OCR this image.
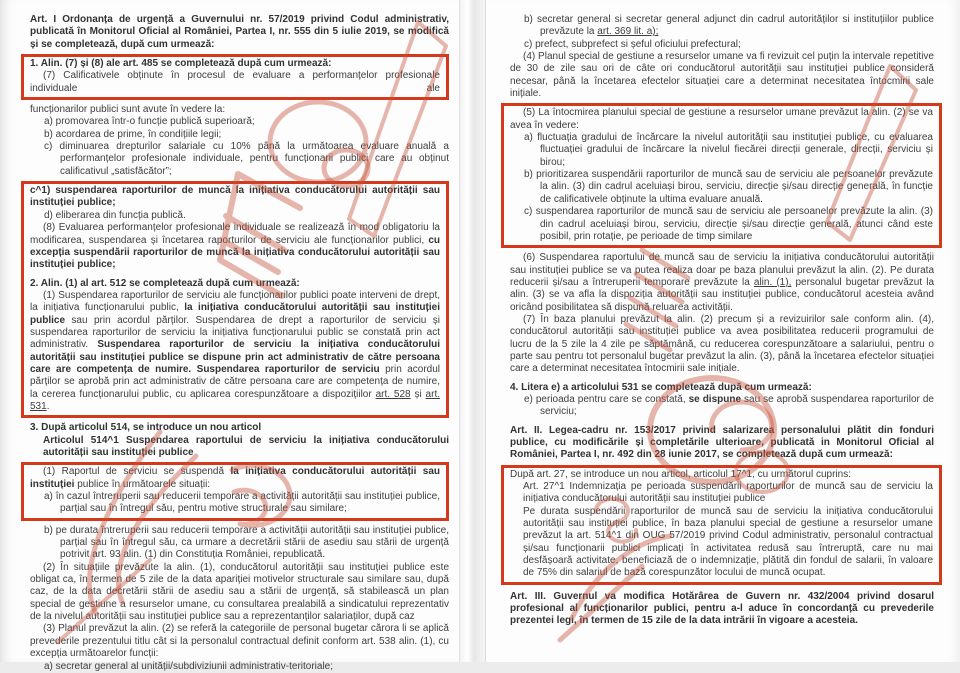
Art. I Ordonanța de urgență a Guvernului nr. 57/2019 privind Codul administrativ, publicată în Monitorul Oficial al României, Partea I, nr. 555 din 5 iulie 2019, se modifică și se completează, după cum urmează:

1. Alin. (7) și (8) ale art. 485 se completează după cum urmează:

(7) Calificativele obținute în procesul de evaluare a performanțelor profesionale individuale ale

funcționarilor publici sunt avute în vedere la:

a) promovarea într-o funcție publică superioară;

b) acordarea de prime, în condițiile legii;

c) diminuarea drepturilor salariale cu 10% până la următoarea evaluare anuală a performanțelor profesionale individuale, pentru funcționarii publici care au obținut calificativul „satisfăcător”;

c^1) suspendarea raporturilor de muncă la inițiativa conducătorului autorității sau instituției publice;

d) eliberarea din funcția publică.

(8) Evaluarea performanțelor profesionale individuale se realizează în mod obligatoriu la modificarea, suspendarea și încetarea raporturilor de serviciu ale funcționarilor publici, cu excepția suspendării raporturilor de muncă la inițiativa conducătorului autorității sau instituției publice;

2. Alin. (1) al art. 512 se completează după cum urmează:

(1) Suspendarea raporturilor de serviciu ale funcționarilor publici poate interveni de drept, la inițiativa funcționarului public, la inițiativa conducătorului autorității sau instituției publice sau prin acordul părților. Suspendarea de drept a raporturilor de serviciu și suspendarea raporturilor de serviciu la inițiativa funcționarului public se constată prin act administrativ. Suspendarea raporturilor de serviciu la inițiativa conducătorului autorității sau instituției publice se dispune prin act administrativ de către persoana care are competența de numire. Suspendarea raporturilor de serviciu prin acordul părților se aprobă prin act administrativ de către persoana care are competența de numire, la cererea funcționarului public, cu aplicarea corespunzătoare a dispozițiilor art. 528 și art. 531.

3. După articolul 514, se introduce un nou articol

Articolul 514^1 Suspendarea raportului de serviciu la inițiativa conducătorului autorității sau instituției publice

(1) Raportul de serviciu se suspendă la inițiativa conducătorului autorității sau instituției publice în următoarele situații:

a) în cazul întreruperii sau reducerii temporare a activității autorității sau instituției publice, parțial sau în întregul său, pentru motive structurale sau similare;

b) pe durata întreruperii sau reducerii temporare a activității autorității sau instituției publice, parțial sau în întregul său, ca urmare a decretării stării de asediu sau stării de urgență potrivit art. 93 alin. (1) din Constituția României, republicată.

(2) În situațiile prevăzute la alin. (1), conducătorul autorității sau instituției publice este obligat ca, în termen de 5 zile de la data apariției motivelor structurale sau similare sau, după caz, de la data decretării stării de asediu sau a stării de urgență, să stabilească un plan special de gestiune a resurselor umane, cu consultarea prealabilă a sindicatului reprezentativ de la nivelul autorității sau instituției publice sau a reprezentanților salariaților, după caz

(3) Planul prevăzut la alin. (2) se referă la categoriile de personal bugetar cărora li se aplică prevederile prezentului titlu cât si la personalul contractual definit conform art. 538 alin. (1), cu excepția următoarelor funcții:

a) secretar general al unității/subdiviziunii administrativ-teritoriale;

b) secretar general si secretar general adjunct din cadrul autorităților si instituțiilor publice prevăzute la art. 369 lit. a);

c) prefect, subprefect si șeful oficiului prefectural;

(4) Planul special de gestiune a resurselor umane va fi revizuit cel puțin la intervale repetitive de 30 de zile sau ori de câte ori conducătorul autorității sau instituției publice consideră necesar, până la încetarea efectelor situației care a determinat necesitatea întocmirii sale inițiale.

(5) La întocmirea planului special de gestiune a resurselor umane prevăzut la alin. (2) se va avea în vedere:

a) fluctuația gradului de încărcare la nivelul autorității sau instituției publice, cu evaluarea fluctuației gradului de încărcare la nivelul fiecărei direcții generale, direcții, serviciu și birou;

b) prioritizarea suspendării raporturilor de muncă sau de serviciu ale persoanelor prevăzute la alin. (3) din cadrul aceluiași birou, serviciu, direcție și/sau direcție generală, în funcție de calificativele obținute la ultima evaluare anuală.

c) suspendarea raporturilor de muncă sau de serviciu ale persoanelor prevăzute la alin. (3) din cadrul aceluiași birou, serviciu, direcție și/sau direcție generală, atunci când este posibil, prin rotație, pe perioade de timp similare

(6) Suspendarea raportului de muncă sau de serviciu la inițiativa conducătorului autorității sau instituției publice se va putea realiza doar pe baza planului prevăzut la alin. (2). Pe durata reducerii și/sau a întreruperii temporare prevăzute la alin. (1), personalul bugetar prevăzut la alin. (3) se va afla la dispoziția autorității sau instituției publice, conducătorul acesteia având oricând posibilitatea să dispună reluarea activității.

(7) În baza planului prevăzut la alin. (2) precum și a revizuirilor sale conform alin. (4), conducătorul autorității sau instituției publice va avea posibilitatea reducerii programului de lucru de la 5 zile la 4 zile pe săptămână, cu reducerea corespunzătoare a salariului, pentru o parte sau pentru tot personalul bugetar prevăzut la alin. (3), până la încetarea efectelor situației care a determinat necesitatea întocmirii sale inițiale.

4. Litera e) a articolului 531 se completează după cum urmează:

e) perioada pentru care se constată, se dispune sau se aprobă suspendarea raporturilor de serviciu;

Art. II. Legea-cadru nr. 153/2017 privind salarizarea personalului plătit din fonduri publice, cu modificările și completările ulterioare, publicată in Monitorul Oficial al României, Partea I, nr. 492 din 28 iunie 2017, se completează după cum urmează:

După art. 27, se introduce un nou articol, articolul 17^1, cu următorul cuprins:

Art. 27^1 Indemnizația pe perioada suspendării raporturilor de muncă sau de serviciu la inițiativa conducătorului autorității sau instituției publice

Pe durata suspendării raporturilor de muncă sau de serviciu la inițiativa conducătorului autorității sau instituției publice, în baza planului special de gestiune a resurselor umane prevăzut la art. 514^1 din OUG 57/2019 privind Codul administrativ, personalul contractual și/sau funcționarii publici implicați în activitatea redusă sau întreruptă, care nu mai desfășoară activitate, beneficiază de o indemnizație, plătită din fondul de salarii, în valoare de 75% din salariul de bază corespunzător locului de muncă ocupat.

Art. III. Guvernul va modifica Hotărârea de Guvern nr. 432/2004 privind dosarul profesional al funcționarilor publici, pentru a-l aduce în concordanță cu prevederile prezentei legi, în termen de 15 zile de la data intrării în vigoare a acesteia.
